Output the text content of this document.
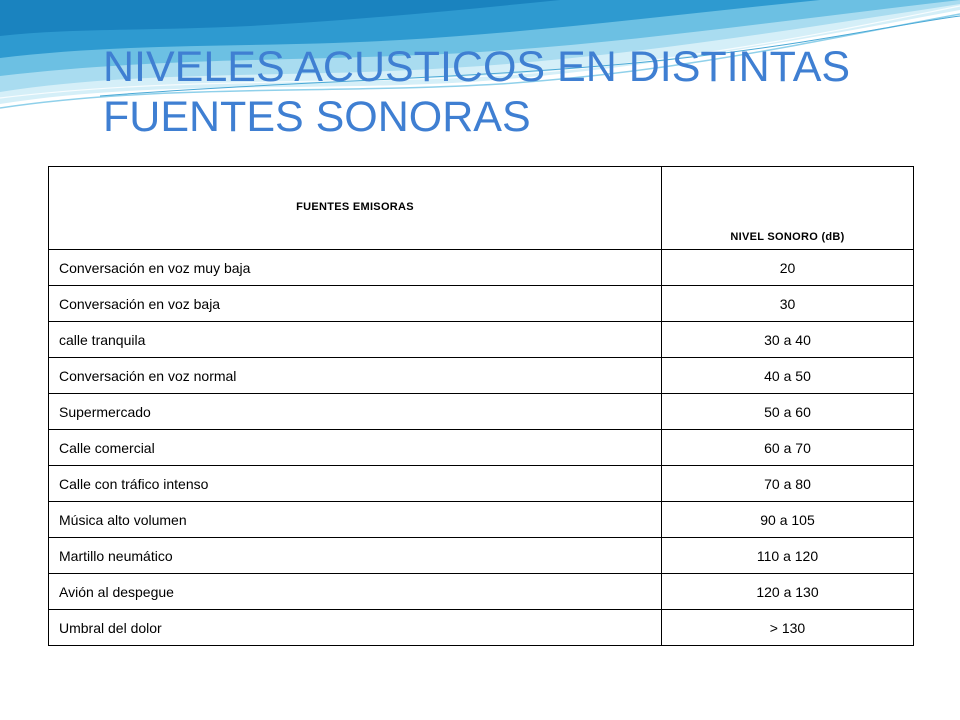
NIVELES ACUSTICOS EN DISTINTAS
FUENTES SONORAS
FUENTES EMISORAS	NIVEL SONORO (dB)
Conversación en voz muy baja	20
Conversación en voz baja	30
calle tranquila	30 a 40
Conversación en voz normal	40 a 50
Supermercado	50 a 60
Calle comercial	60 a 70
Calle con tráfico intenso	70 a 80
Música alto volumen	90 a 105
Martillo neumático	110 a 120
Avión al despegue	120 a 130
Umbral del dolor	> 130
